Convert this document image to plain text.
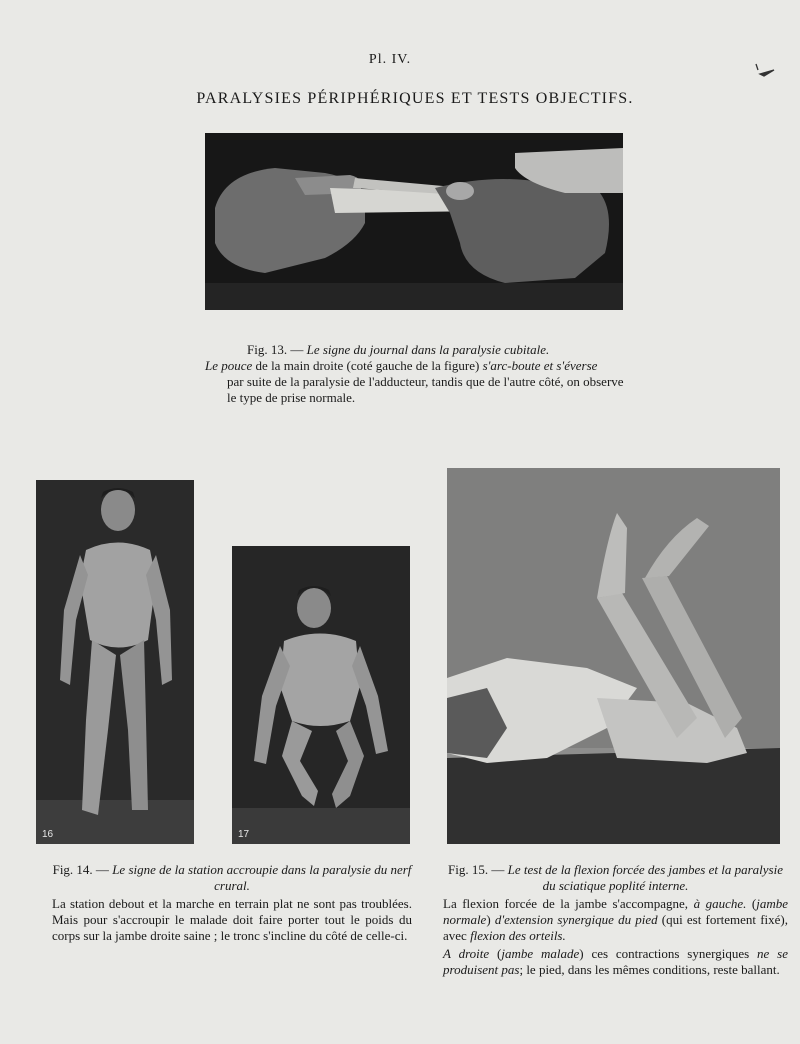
Pl. IV.
PARALYSIES PÉRIPHÉRIQUES ET TESTS OBJECTIFS.
Fig. 13. — Le signe du journal dans la paralysie cubitale.
Le pouce de la main droite (coté gauche de la figure) s'arc-boute et s'éverse
par suite de la paralysie de l'adducteur, tandis que de l'autre côté, on observe le type de prise normale.
16	17
Fig. 14. — Le signe de la station accroupie dans la paralysie du nerf crural.
La station debout et la marche en terrain plat ne sont pas troublées. Mais pour s'accroupir le malade doit faire porter tout le poids du corps sur la jambe droite saine ; le tronc s'incline du côté de celle-ci.
Fig. 15. — Le test de la flexion forcée des jambes et la paralysie du sciatique poplité interne.
La flexion forcée de la jambe s'accompagne, à gauche. (jambe normale) d'extension synergique du pied (qui est fortement fixé), avec flexion des orteils.
A droite (jambe malade) ces contractions synergiques ne se produisent pas; le pied, dans les mêmes conditions, reste ballant.
